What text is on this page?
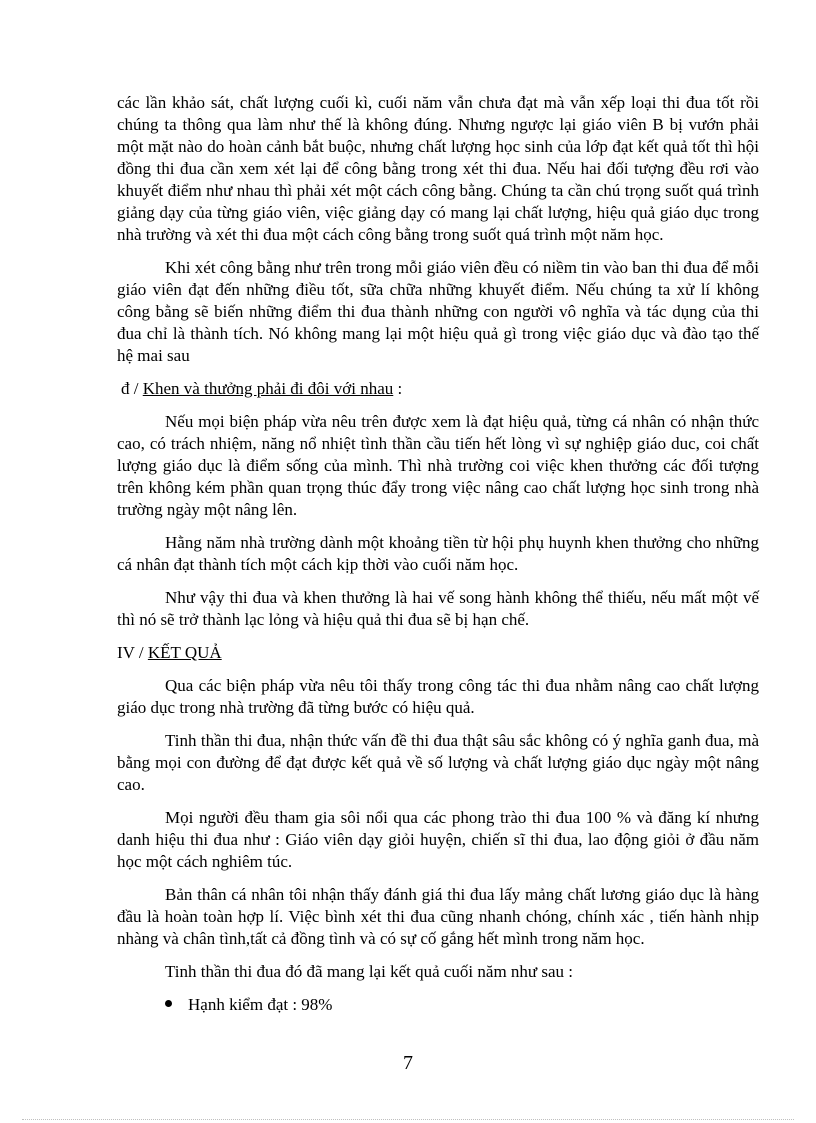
các lần khảo sát, chất lượng cuối kì, cuối năm vẫn chưa đạt mà vẫn xếp loại thi đua tốt rồi chúng ta thông qua làm như thế là không đúng. Nhưng ngược lại giáo viên B bị vướn phải một mặt nào do hoàn cảnh bắt buộc, nhưng chất lượng học sinh của lớp đạt kết quả tốt thì hội đồng thi đua cần xem xét lại để công bằng trong xét thi đua. Nếu hai đối tượng đều rơi vào khuyết điểm như nhau thì phải xét một cách công bằng. Chúng ta cần chú trọng suốt quá trình giảng dạy của từng giáo viên, việc giảng dạy có mang lại chất lượng, hiệu quả giáo dục trong nhà trường và xét thi đua một cách công bằng trong suốt quá trình một năm học.

Khi xét công bằng như trên trong mỗi giáo viên đều có niềm tin vào ban thi đua để mỗi giáo viên đạt đến những điều tốt, sữa chữa những khuyết điểm. Nếu chúng ta xử lí không công bằng sẽ biến những điểm thi đua thành những con người vô nghĩa và tác dụng của thi đua chỉ là thành tích. Nó không mang lại một hiệu quả gì trong việc giáo dục và đào tạo thế hệ mai sau

đ / Khen và thưởng phải đi đôi với nhau :

Nếu mọi biện pháp vừa nêu trên được xem là đạt hiệu quả, từng cá nhân có nhận thức cao, có trách nhiệm, năng nổ nhiệt tình thần cầu tiến hết lòng vì sự nghiệp giáo duc, coi chất lượng giáo dục là điểm sống của mình. Thì nhà trường coi việc khen thưởng các đối tượng trên không kém phần quan trọng thúc đẩy trong việc nâng cao chất lượng học sinh trong nhà trường ngày một nâng lên.

Hằng năm nhà trường dành một khoảng tiền từ hội phụ huynh khen thưởng cho những cá nhân đạt thành tích một cách kịp thời vào cuối năm học.

Như vậy thi đua và khen thưởng là hai vế song hành không thể thiếu, nếu mất một vế thì nó sẽ trở thành lạc lỏng và hiệu quả thi đua sẽ bị hạn chế.

IV / KẾT QUẢ

Qua các biện pháp vừa nêu tôi thấy trong công tác thi đua nhằm nâng cao chất lượng giáo dục trong nhà trường đã từng bước có hiệu quả.

Tinh thần thi đua, nhận thức vấn đề thi đua thật sâu sắc không có ý nghĩa ganh đua, mà bằng mọi con đường để đạt được kết quả về số lượng và chất lượng giáo dục ngày một nâng cao.

Mọi người đều tham gia sôi nổi qua các phong trào thi đua 100 % và đăng kí nhưng danh hiệu thi đua như : Giáo viên dạy giỏi huyện, chiến sĩ thi đua, lao động giỏi ở đầu năm học một cách nghiêm túc.

Bản thân cá nhân tôi nhận thấy đánh giá thi đua lấy mảng chất lương giáo dục là hàng đầu là hoàn toàn hợp lí. Việc bình xét thi đua cũng nhanh chóng, chính xác , tiến hành nhịp nhàng và chân tình,tất cả đồng tình và có sự cố gắng hết mình trong năm học.

Tinh thần thi đua đó đã mang lại kết quả cuối năm như sau :

Hạnh kiểm đạt : 98%
7
